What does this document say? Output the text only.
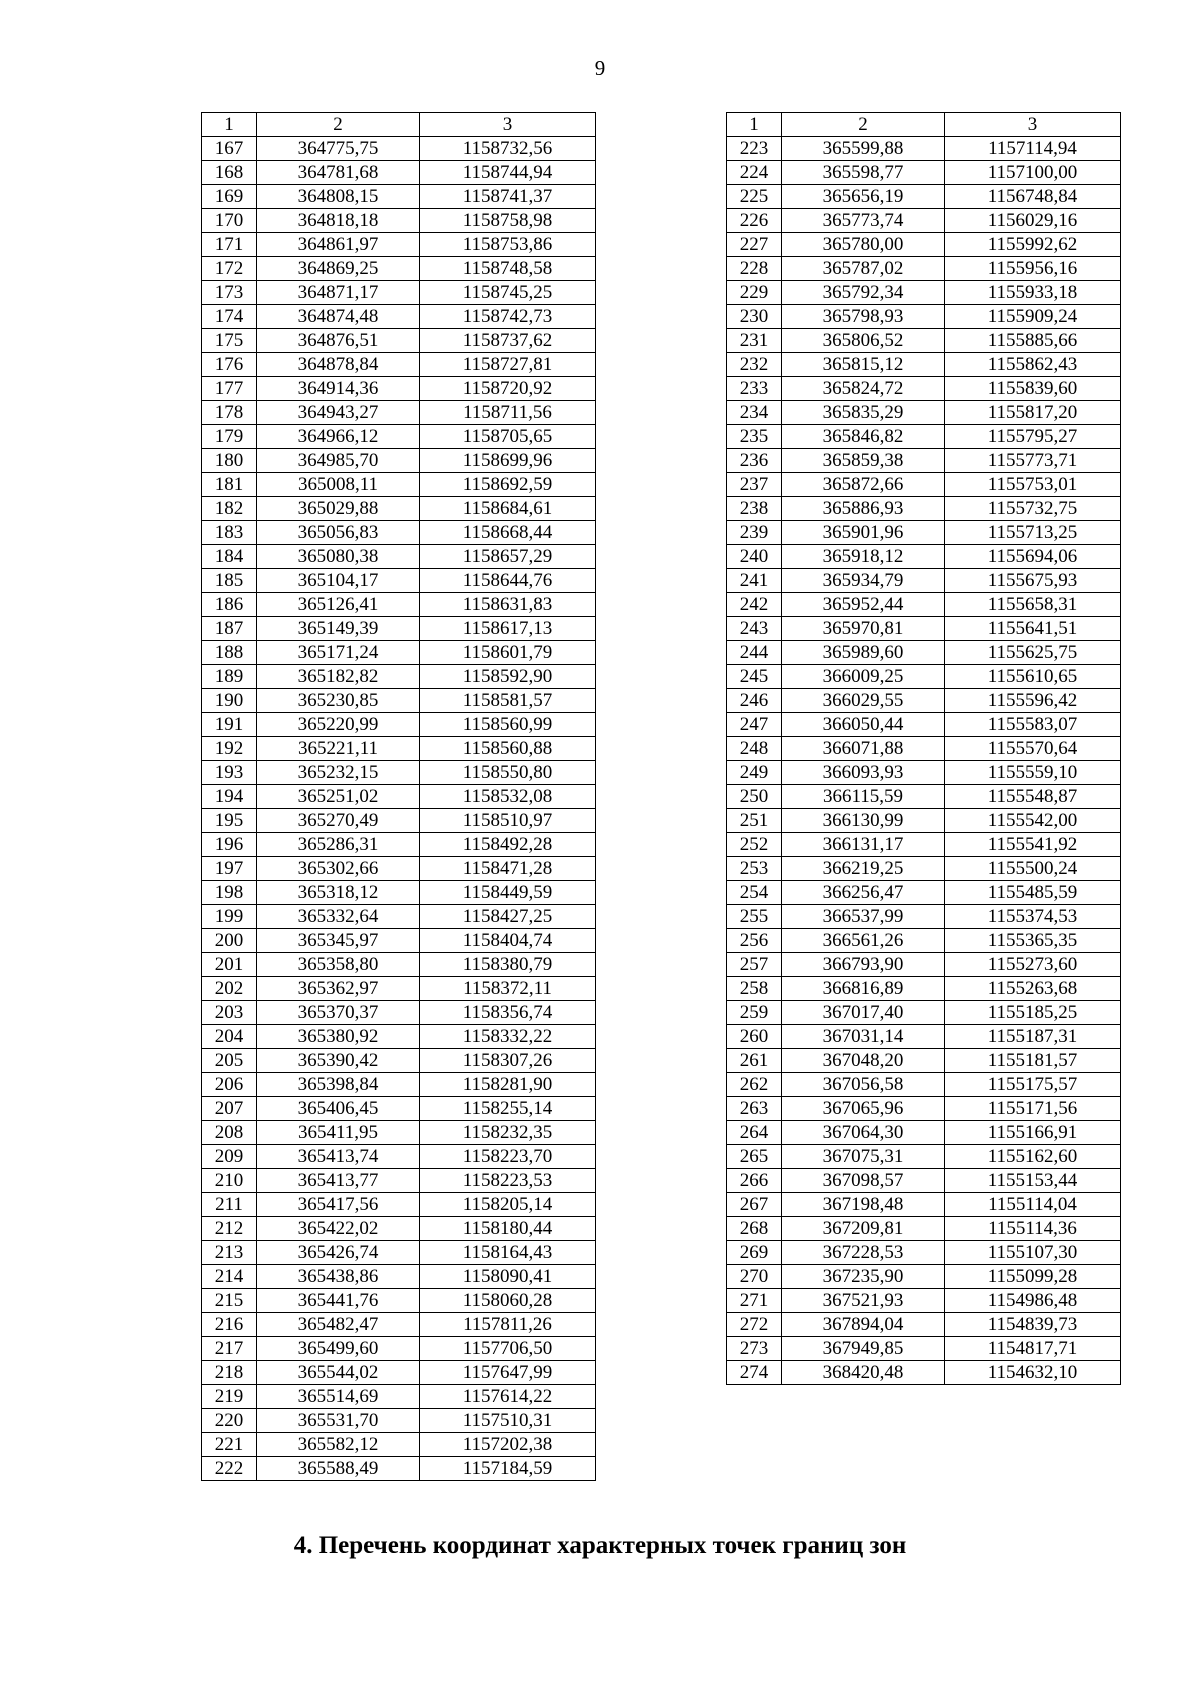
9
1	2	3
167	364775,75	1158732,56
168	364781,68	1158744,94
169	364808,15	1158741,37
170	364818,18	1158758,98
171	364861,97	1158753,86
172	364869,25	1158748,58
173	364871,17	1158745,25
174	364874,48	1158742,73
175	364876,51	1158737,62
176	364878,84	1158727,81
177	364914,36	1158720,92
178	364943,27	1158711,56
179	364966,12	1158705,65
180	364985,70	1158699,96
181	365008,11	1158692,59
182	365029,88	1158684,61
183	365056,83	1158668,44
184	365080,38	1158657,29
185	365104,17	1158644,76
186	365126,41	1158631,83
187	365149,39	1158617,13
188	365171,24	1158601,79
189	365182,82	1158592,90
190	365230,85	1158581,57
191	365220,99	1158560,99
192	365221,11	1158560,88
193	365232,15	1158550,80
194	365251,02	1158532,08
195	365270,49	1158510,97
196	365286,31	1158492,28
197	365302,66	1158471,28
198	365318,12	1158449,59
199	365332,64	1158427,25
200	365345,97	1158404,74
201	365358,80	1158380,79
202	365362,97	1158372,11
203	365370,37	1158356,74
204	365380,92	1158332,22
205	365390,42	1158307,26
206	365398,84	1158281,90
207	365406,45	1158255,14
208	365411,95	1158232,35
209	365413,74	1158223,70
210	365413,77	1158223,53
211	365417,56	1158205,14
212	365422,02	1158180,44
213	365426,74	1158164,43
214	365438,86	1158090,41
215	365441,76	1158060,28
216	365482,47	1157811,26
217	365499,60	1157706,50
218	365544,02	1157647,99
219	365514,69	1157614,22
220	365531,70	1157510,31
221	365582,12	1157202,38
222	365588,49	1157184,59
1	2	3
223	365599,88	1157114,94
224	365598,77	1157100,00
225	365656,19	1156748,84
226	365773,74	1156029,16
227	365780,00	1155992,62
228	365787,02	1155956,16
229	365792,34	1155933,18
230	365798,93	1155909,24
231	365806,52	1155885,66
232	365815,12	1155862,43
233	365824,72	1155839,60
234	365835,29	1155817,20
235	365846,82	1155795,27
236	365859,38	1155773,71
237	365872,66	1155753,01
238	365886,93	1155732,75
239	365901,96	1155713,25
240	365918,12	1155694,06
241	365934,79	1155675,93
242	365952,44	1155658,31
243	365970,81	1155641,51
244	365989,60	1155625,75
245	366009,25	1155610,65
246	366029,55	1155596,42
247	366050,44	1155583,07
248	366071,88	1155570,64
249	366093,93	1155559,10
250	366115,59	1155548,87
251	366130,99	1155542,00
252	366131,17	1155541,92
253	366219,25	1155500,24
254	366256,47	1155485,59
255	366537,99	1155374,53
256	366561,26	1155365,35
257	366793,90	1155273,60
258	366816,89	1155263,68
259	367017,40	1155185,25
260	367031,14	1155187,31
261	367048,20	1155181,57
262	367056,58	1155175,57
263	367065,96	1155171,56
264	367064,30	1155166,91
265	367075,31	1155162,60
266	367098,57	1155153,44
267	367198,48	1155114,04
268	367209,81	1155114,36
269	367228,53	1155107,30
270	367235,90	1155099,28
271	367521,93	1154986,48
272	367894,04	1154839,73
273	367949,85	1154817,71
274	368420,48	1154632,10
4. Перечень координат характерных точек границ зон
